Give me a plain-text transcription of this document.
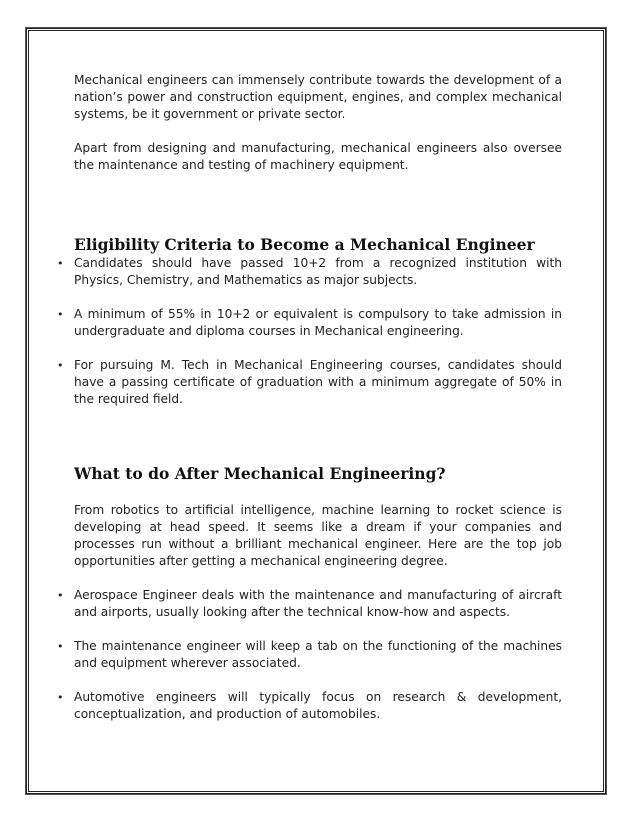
Mechanical engineers can immensely contribute towards the development of a nation’s power and construction equipment, engines, and complex mechanical systems, be it government or private sector.

Apart from designing and manufacturing, mechanical engineers also oversee the maintenance and testing of machinery equipment.

Eligibility Criteria to Become a Mechanical Engineer
• Candidates should have passed 10+2 from a recognized institution with Physics, Chemistry, and Mathematics as major subjects.
• A minimum of 55% in 10+2 or equivalent is compulsory to take admission in undergraduate and diploma courses in Mechanical engineering.
• For pursuing M. Tech in Mechanical Engineering courses, candidates should have a passing certificate of graduation with a minimum aggregate of 50% in the required field.
What to do After Mechanical Engineering?

From robotics to artificial intelligence, machine learning to rocket science is developing at head speed. It seems like a dream if your companies and processes run without a brilliant mechanical engineer. Here are the top job opportunities after getting a mechanical engineering degree.

• Aerospace Engineer deals with the maintenance and manufacturing of aircraft and airports, usually looking after the technical know-how and aspects.
• The maintenance engineer will keep a tab on the functioning of the machines and equipment wherever associated.
• Automotive engineers will typically focus on research & development, conceptualization, and production of automobiles.
